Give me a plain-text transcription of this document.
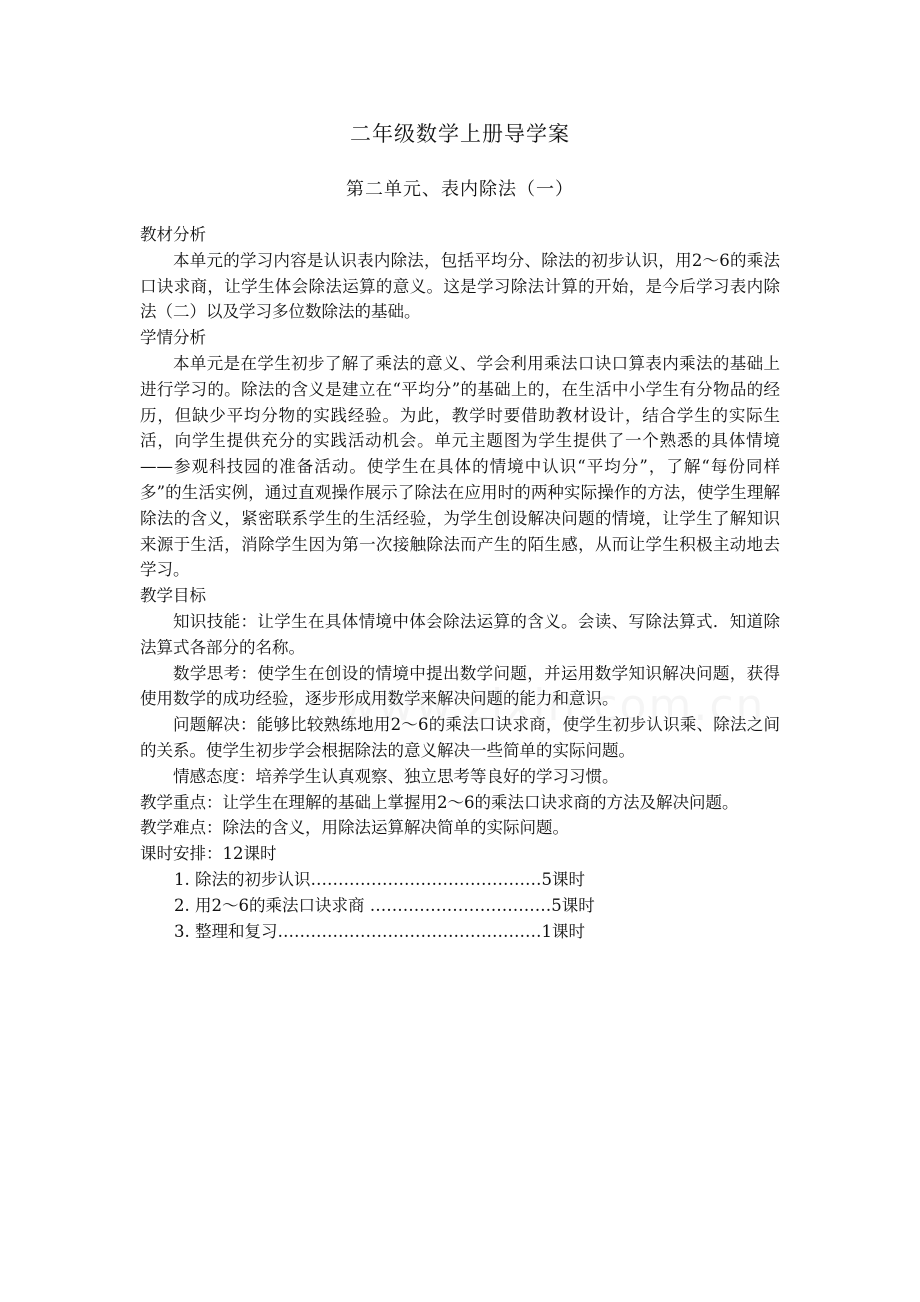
二年级数学上册导学案
第二单元、表内除法（一）

教材分析

本单元的学习内容是认识表内除法，包括平均分、除法的初步认识，用2～6的乘法口诀求商，让学生体会除法运算的意义。这是学习除法计算的开始，是今后学习表内除法（二）以及学习多位数除法的基础。

学情分析

本单元是在学生初步了解了乘法的意义、学会利用乘法口诀口算表内乘法的基础上进行学习的。除法的含义是建立在“平均分”的基础上的，在生活中小学生有分物品的经历，但缺少平均分物的实践经验。为此，教学时要借助教材设计，结合学生的实际生活，向学生提供充分的实践活动机会。单元主题图为学生提供了一个熟悉的具体情境——参观科技园的准备活动。使学生在具体的情境中认识“平均分”，了解“每份同样多”的生活实例，通过直观操作展示了除法在应用时的两种实际操作的方法，使学生理解除法的含义，紧密联系学生的生活经验，为学生创设解决问题的情境，让学生了解知识来源于生活，消除学生因为第一次接触除法而产生的陌生感，从而让学生积极主动地去学习。

教学目标

知识技能：让学生在具体情境中体会除法运算的含义。会读、写除法算式．知道除法算式各部分的名称。

数学思考：使学生在创设的情境中提出数学问题，并运用数学知识解决问题，获得使用数学的成功经验，逐步形成用数学来解决问题的能力和意识。

问题解决：能够比较熟练地用2～6的乘法口诀求商，使学生初步认识乘、除法之间的关系。使学生初步学会根据除法的意义解决一些简单的实际问题。

情感态度：培养学生认真观察、独立思考等良好的学习习惯。

教学重点：让学生在理解的基础上掌握用2～6的乘法口诀求商的方法及解决问题。

教学难点：除法的含义，用除法运算解决简单的实际问题。

课时安排：12课时

1. 除法的初步认识……………………………………5课时

2. 用2～6的乘法口诀求商 ……………………………5课时

3. 整理和复习…………………………………………1课时
